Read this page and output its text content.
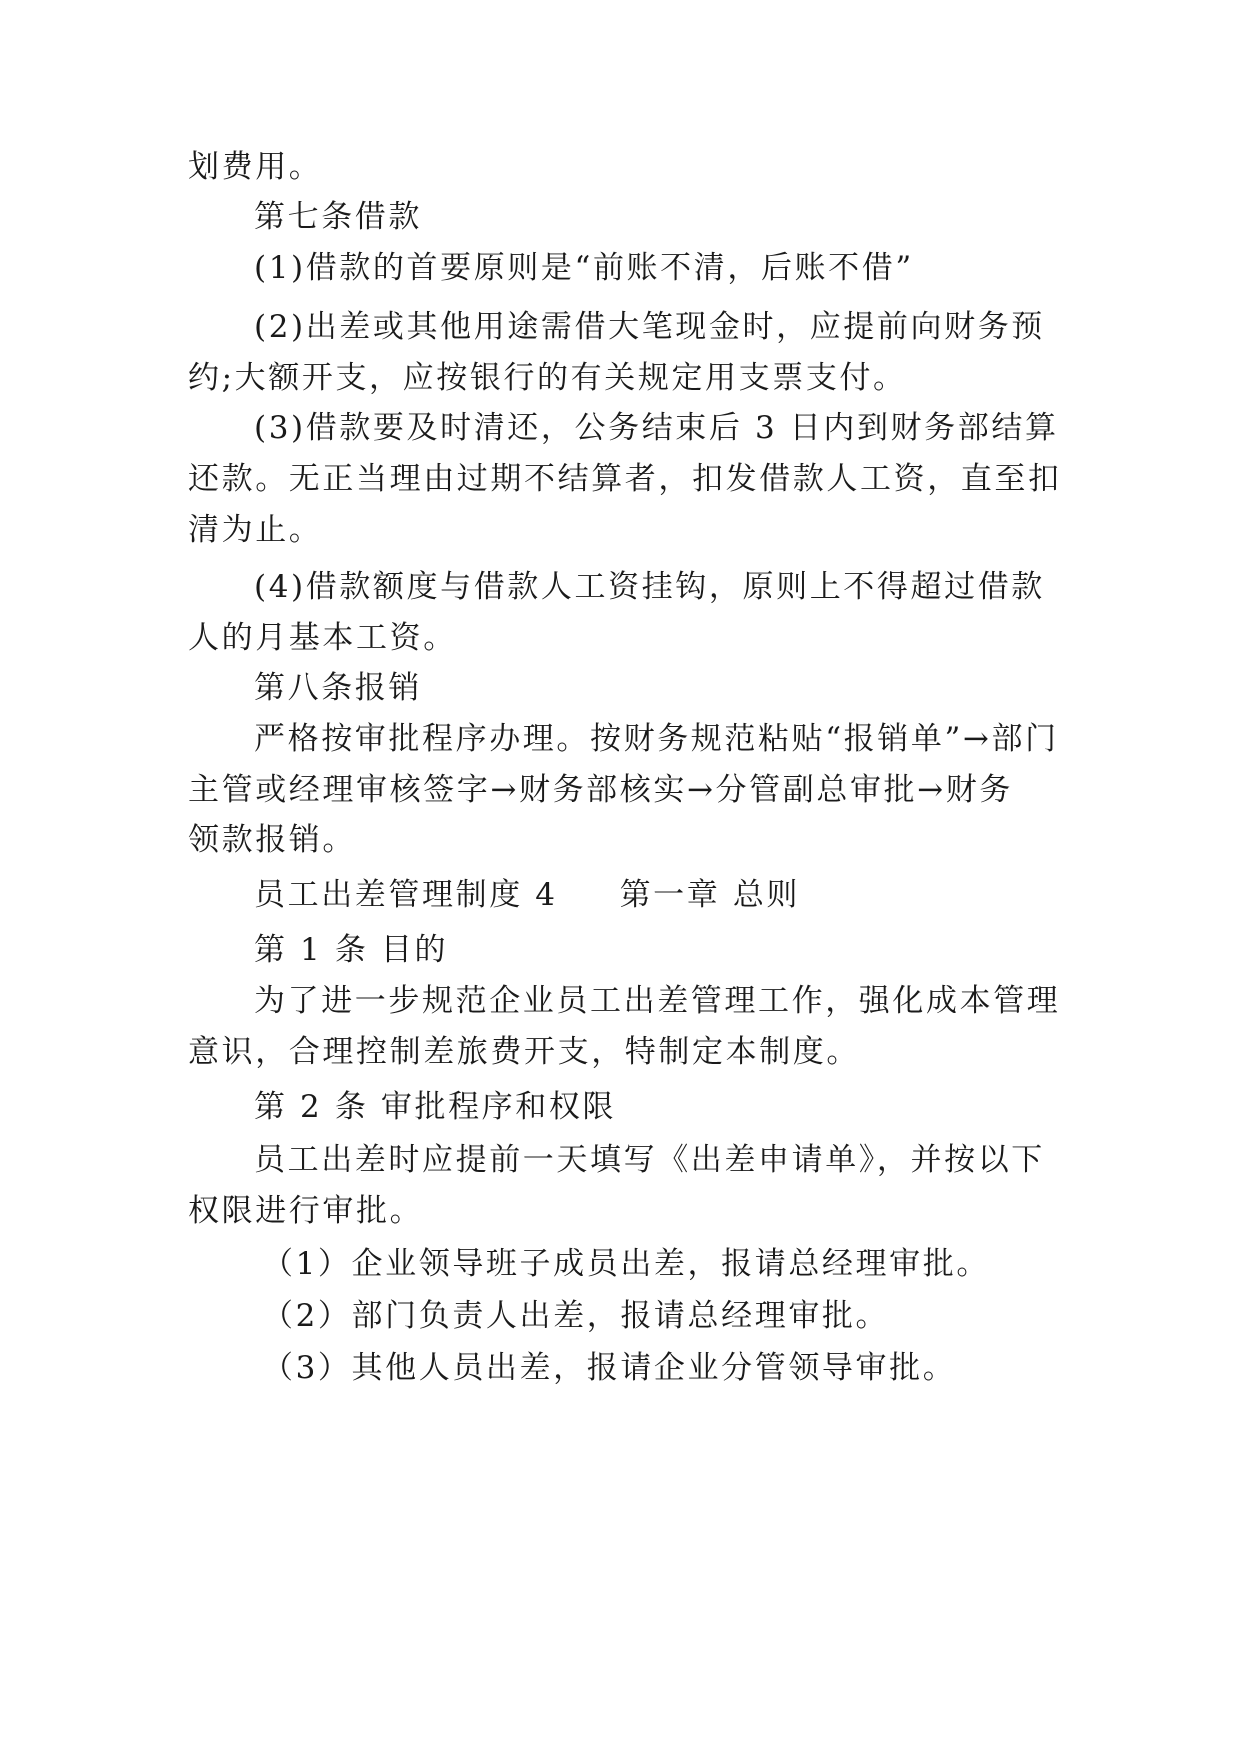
划费用。
第七条借款
(1)借款的首要原则是“前账不清，后账不借”
(2)出差或其他用途需借大笔现金时，应提前向财务预
约;大额开支，应按银行的有关规定用支票支付。
(3)借款要及时清还，公务结束后 3 日内到财务部结算
还款。无正当理由过期不结算者，扣发借款人工资，直至扣
清为止。
(4)借款额度与借款人工资挂钩，原则上不得超过借款
人的月基本工资。
第八条报销
严格按审批程序办理。按财务规范粘贴“报销单”→部门
主管或经理审核签字→财务部核实→分管副总审批→财务
领款报销。
员工出差管理制度 4 第一章 总则
第 1 条 目的
为了进一步规范企业员工出差管理工作，强化成本管理
意识，合理控制差旅费开支，特制定本制度。
第 2 条 审批程序和权限
员工出差时应提前一天填写《出差申请单》，并按以下
权限进行审批。
（1）企业领导班子成员出差，报请总经理审批。
（2）部门负责人出差，报请总经理审批。
（3）其他人员出差，报请企业分管领导审批。
